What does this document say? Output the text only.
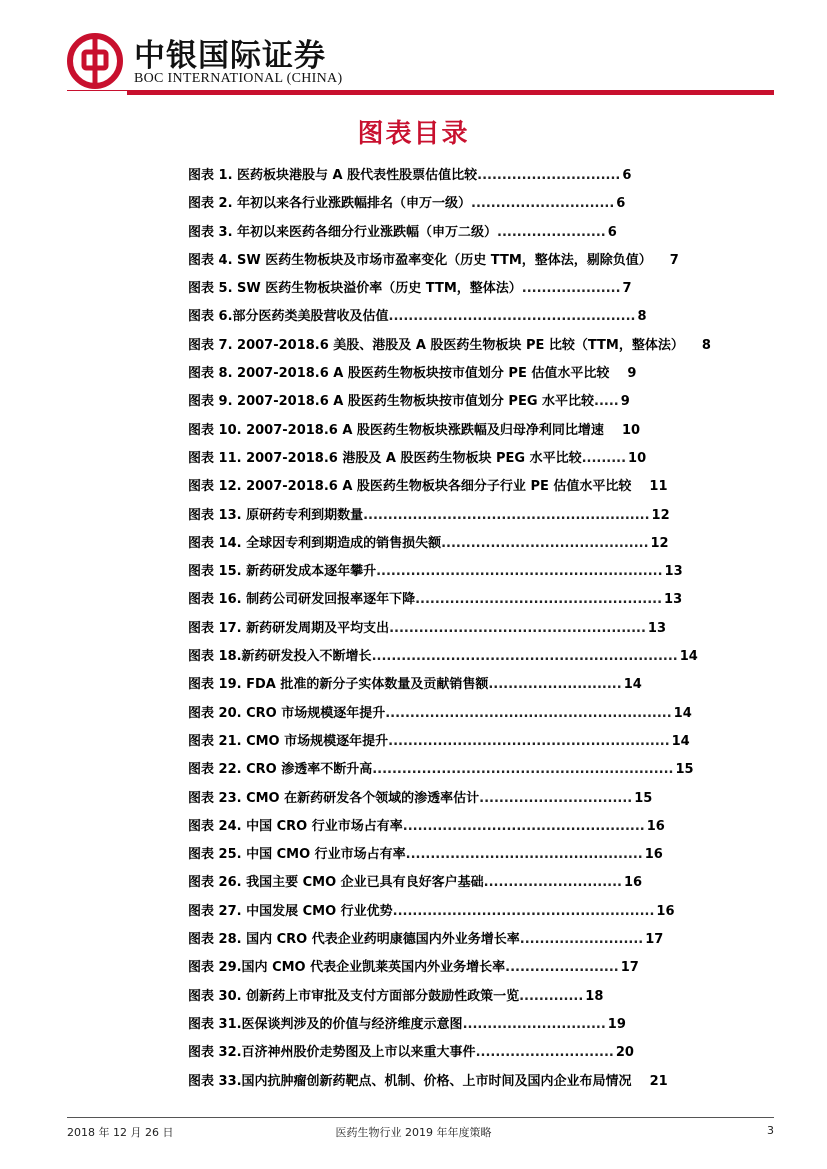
中银国际证券
BOC INTERNATIONAL (CHINA)
图表目录
图表 1. 医药板块港股与 A 股代表性股票估值比较 ............................. 6
图表 2. 年初以来各行业涨跌幅排名（申万一级） ............................. 6
图表 3. 年初以来医药各细分行业涨跌幅（申万二级） ...................... 6
图表 4. SW 医药生物板块及市场市盈率变化（历史 TTM，整体法，剔除负值） 7
图表 5. SW 医药生物板块溢价率（历史 TTM，整体法） .................... 7
图表 6.部分医药类美股营收及估值 .................................................. 8
图表 7. 2007-2018.6 美股、港股及 A 股医药生物板块 PE 比较（TTM，整体法） 8
图表 8. 2007-2018.6 A 股医药生物板块按市值划分 PE 估值水平比较 9
图表 9. 2007-2018.6 A 股医药生物板块按市值划分 PEG 水平比较 ..... 9
图表 10. 2007-2018.6 A 股医药生物板块涨跌幅及归母净利同比增速 10
图表 11. 2007-2018.6 港股及 A 股医药生物板块 PEG 水平比较 ......... 10
图表 12. 2007-2018.6 A 股医药生物板块各细分子行业 PE 估值水平比较 11
图表 13. 原研药专利到期数量 .......................................................... 12
图表 14. 全球因专利到期造成的销售损失额 .......................................... 12
图表 15. 新药研发成本逐年攀升 .......................................................... 13
图表 16. 制药公司研发回报率逐年下降 .................................................. 13
图表 17. 新药研发周期及平均支出 .................................................... 13
图表 18.新药研发投入不断增长 .............................................................. 14
图表 19. FDA 批准的新分子实体数量及贡献销售额 ........................... 14
图表 20. CRO 市场规模逐年提升 .......................................................... 14
图表 21. CMO 市场规模逐年提升 ......................................................... 14
图表 22. CRO 渗透率不断升高 ............................................................. 15
图表 23. CMO 在新药研发各个领域的渗透率估计 ............................... 15
图表 24. 中国 CRO 行业市场占有率 ................................................. 16
图表 25. 中国 CMO 行业市场占有率 ................................................ 16
图表 26. 我国主要 CMO 企业已具有良好客户基础 ............................ 16
图表 27. 中国发展 CMO 行业优势 ..................................................... 16
图表 28. 国内 CRO 代表企业药明康德国内外业务增长率 ......................... 17
图表 29.国内 CMO 代表企业凯莱英国内外业务增长率 ....................... 17
图表 30. 创新药上市审批及支付方面部分鼓励性政策一览 ............. 18
图表 31.医保谈判涉及的价值与经济维度示意图 ............................. 19
图表 32.百济神州股价走势图及上市以来重大事件 ............................ 20
图表 33.国内抗肿瘤创新药靶点、机制、价格、上市时间及国内企业布局情况 21
2018 年 12 月 26 日	医药生物行业 2019 年年度策略	3
